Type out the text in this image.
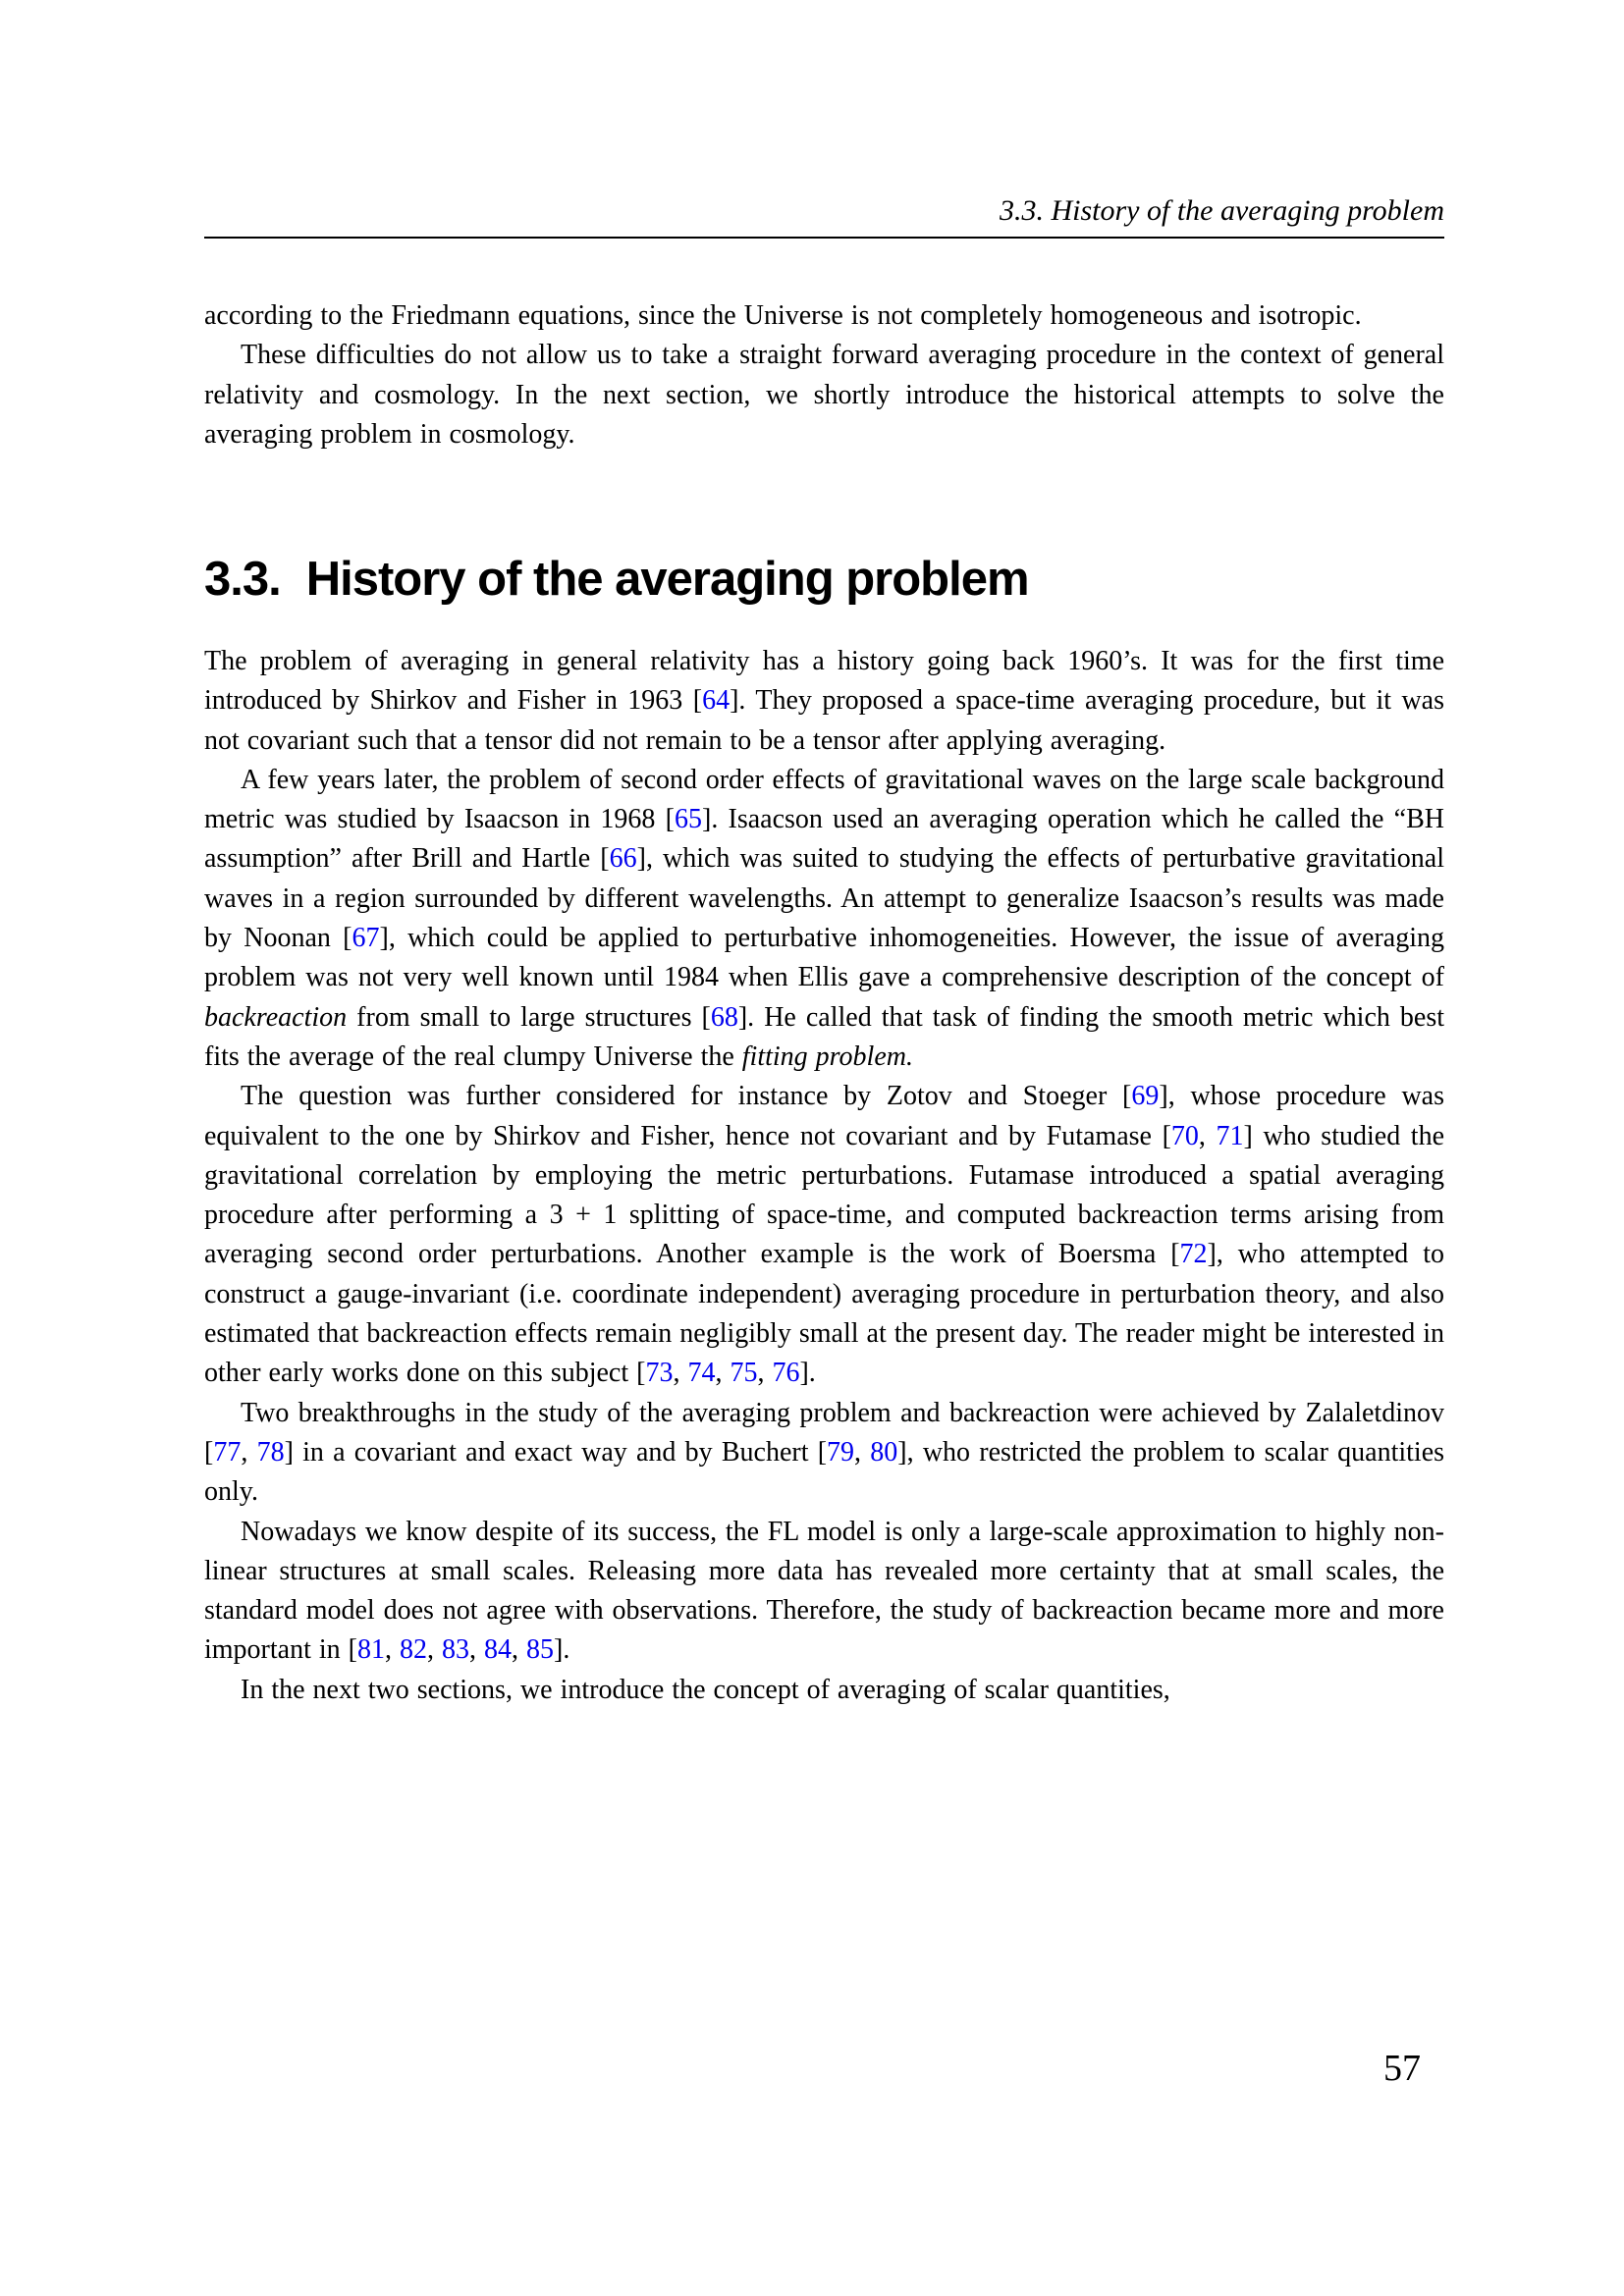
3.3. History of the averaging problem

according to the Friedmann equations, since the Universe is not completely homogeneous and isotropic.

These difficulties do not allow us to take a straight forward averaging procedure in the context of general relativity and cosmology. In the next section, we shortly introduce the historical attempts to solve the averaging problem in cosmology.

3.3. History of the averaging problem

The problem of averaging in general relativity has a history going back 1960’s. It was for the first time introduced by Shirkov and Fisher in 1963 [64]. They proposed a space-time averaging procedure, but it was not covariant such that a tensor did not remain to be a tensor after applying averaging.

A few years later, the problem of second order effects of gravitational waves on the large scale background metric was studied by Isaacson in 1968 [65]. Isaacson used an averaging operation which he called the “BH assumption” after Brill and Hartle [66], which was suited to studying the effects of perturbative gravitational waves in a region surrounded by different wavelengths. An attempt to generalize Isaacson’s results was made by Noonan [67], which could be applied to perturbative inhomogeneities. However, the issue of averaging problem was not very well known until 1984 when Ellis gave a comprehensive description of the concept of backreaction from small to large structures [68]. He called that task of finding the smooth metric which best fits the average of the real clumpy Universe the fitting problem.

The question was further considered for instance by Zotov and Stoeger [69], whose procedure was equivalent to the one by Shirkov and Fisher, hence not covariant and by Futamase [70, 71] who studied the gravitational correlation by employing the metric perturbations. Futamase introduced a spatial averaging procedure after performing a 3 + 1 splitting of space-time, and computed backreaction terms arising from averaging second order perturbations. Another example is the work of Boersma [72], who attempted to construct a gauge-invariant (i.e. coordinate independent) averaging procedure in perturbation theory, and also estimated that backreaction effects remain negligibly small at the present day. The reader might be interested in other early works done on this subject [73, 74, 75, 76].

Two breakthroughs in the study of the averaging problem and backreaction were achieved by Zalaletdinov [77, 78] in a covariant and exact way and by Buchert [79, 80], who restricted the problem to scalar quantities only.

Nowadays we know despite of its success, the FL model is only a large-scale approximation to highly non-linear structures at small scales. Releasing more data has revealed more certainty that at small scales, the standard model does not agree with observations. Therefore, the study of backreaction became more and more important in [81, 82, 83, 84, 85].

In the next two sections, we introduce the concept of averaging of scalar quantities,

57
